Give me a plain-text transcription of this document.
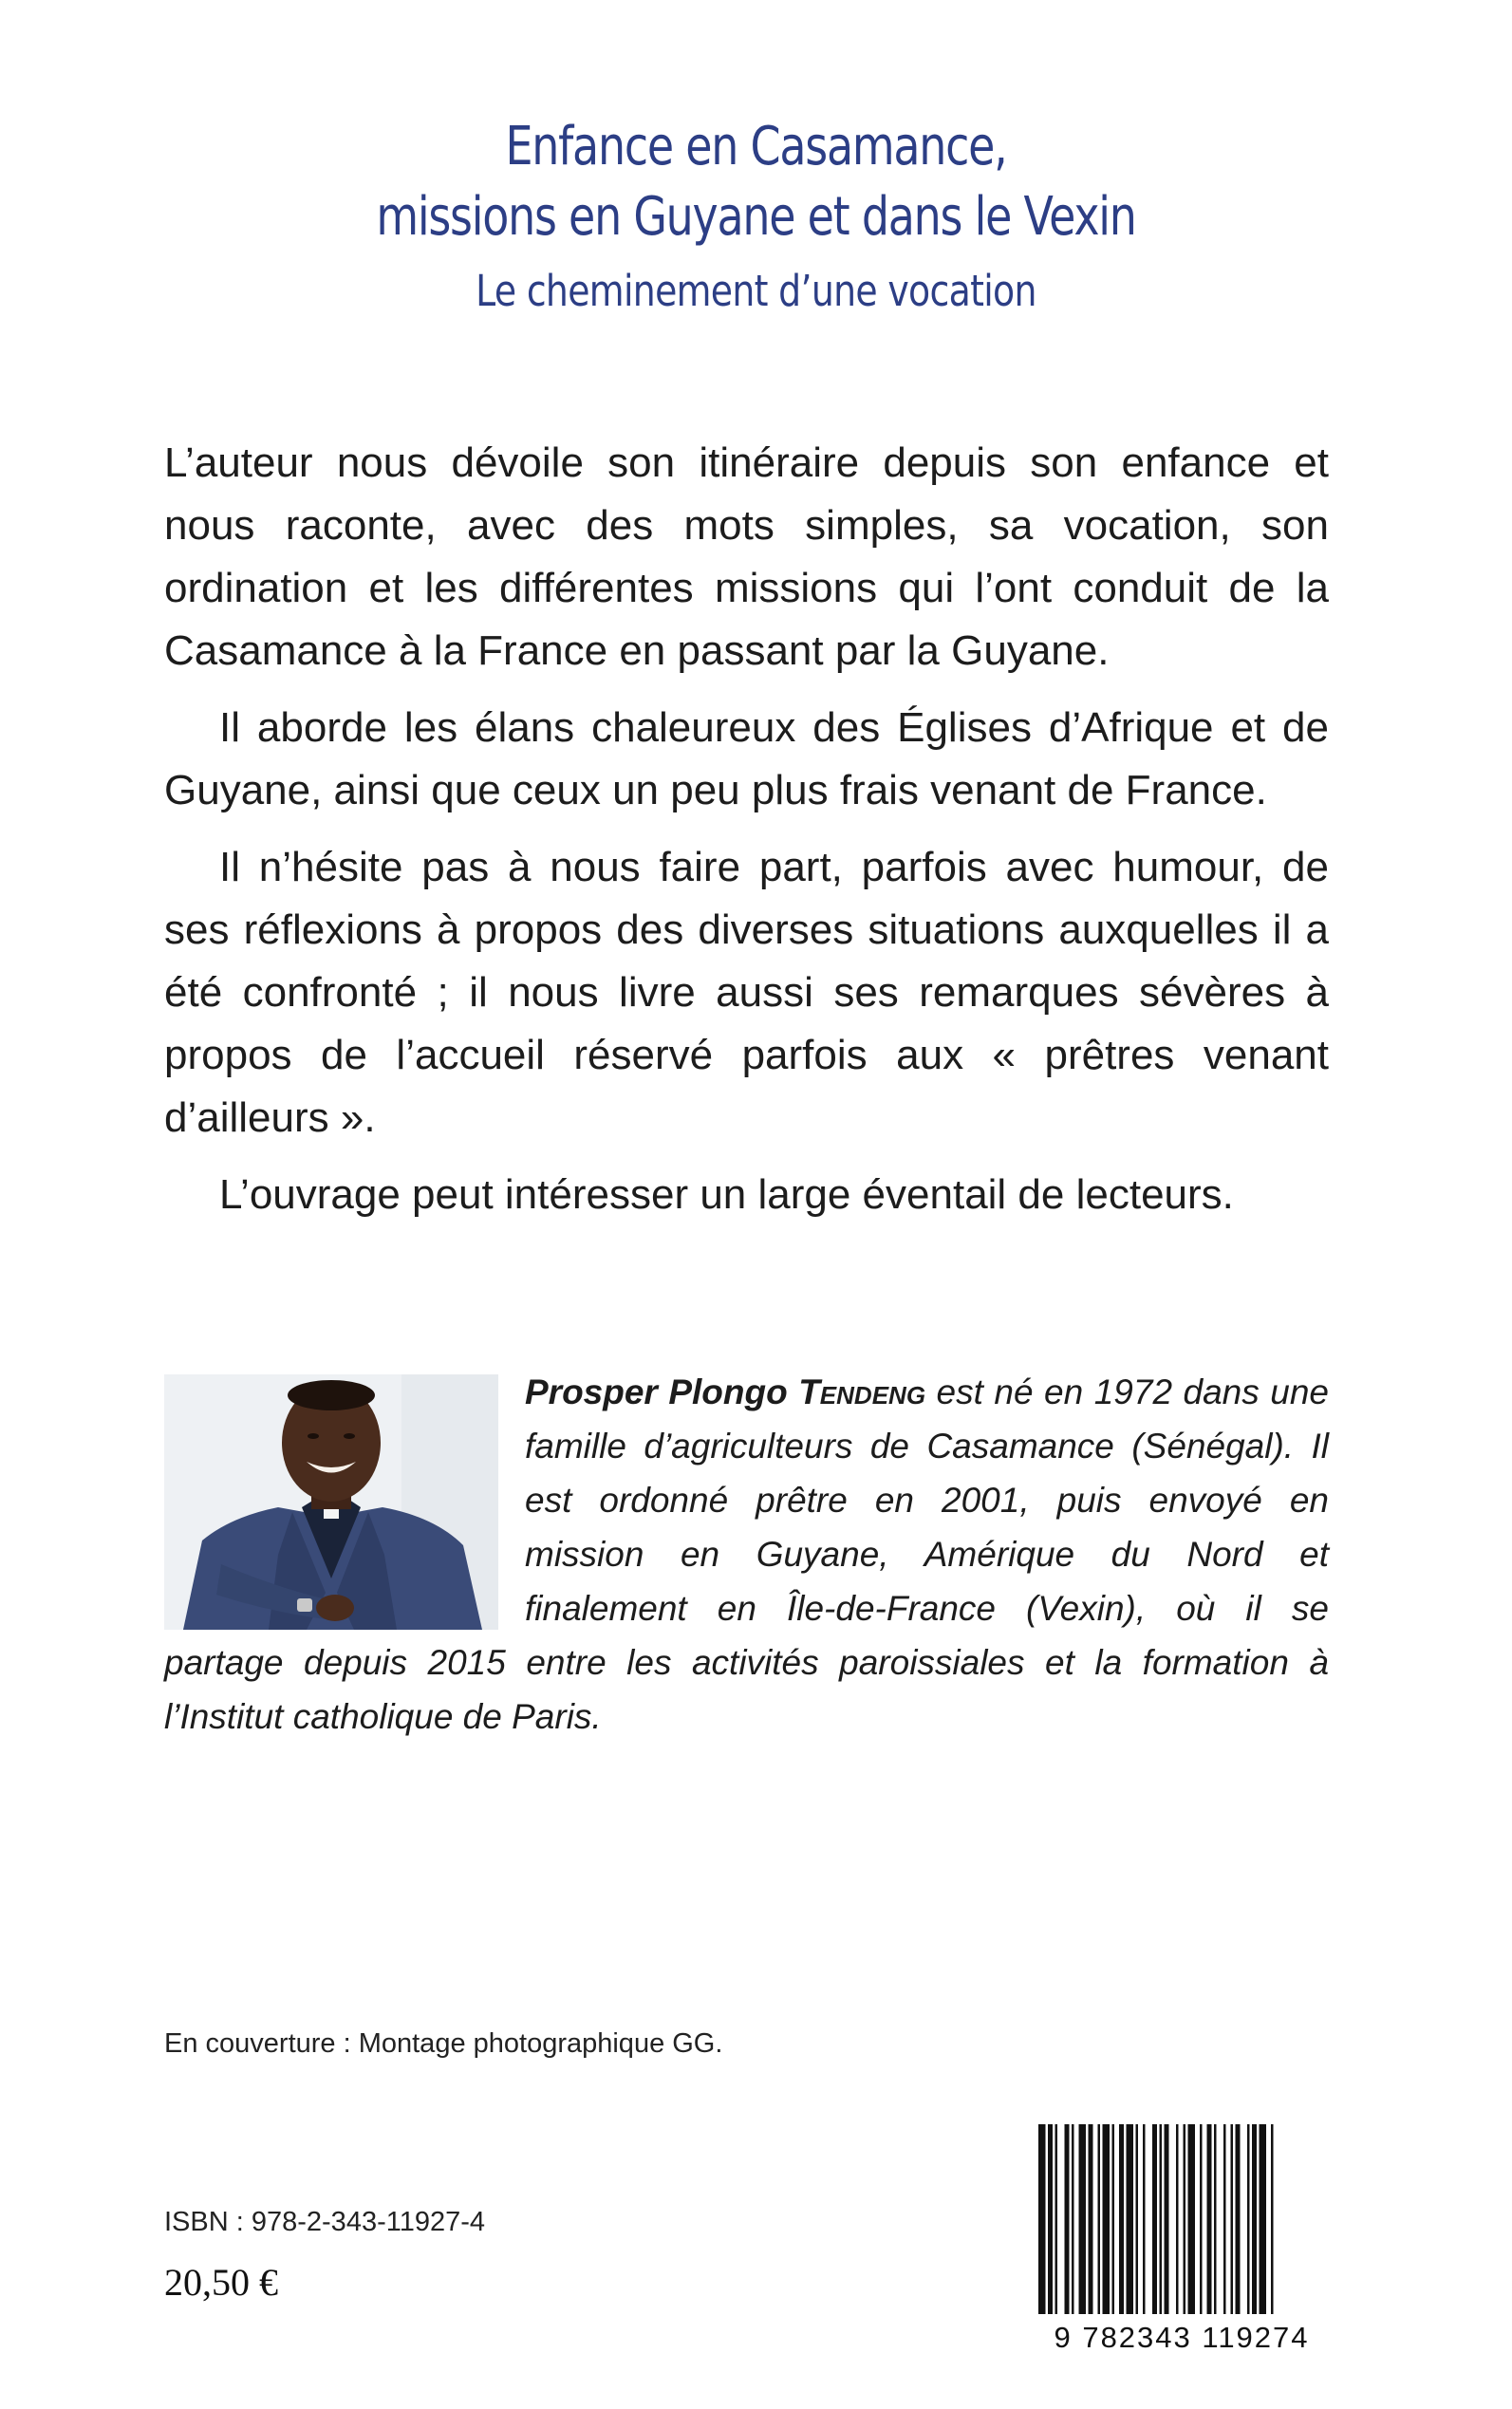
Enfance en Casamance,
missions en Guyane et dans le Vexin
Le cheminement d’une vocation

L’auteur nous dévoile son itinéraire depuis son enfance et nous raconte, avec des mots simples, sa vocation, son ordination et les différentes missions qui l’ont conduit de la Casamance à la France en passant par la Guyane.

Il aborde les élans chaleureux des Églises d’Afrique et de Guyane, ainsi que ceux un peu plus frais venant de France.

Il n’hésite pas à nous faire part, parfois avec humour, de ses réflexions à propos des diverses situations auxquelles il a été confronté ; il nous livre aussi ses remarques sévères à propos de l’accueil réservé parfois aux « prêtres venant d’ailleurs ».

L’ouvrage peut intéresser un large éventail de lecteurs.

Prosper Plongo Tendeng est né en 1972 dans une famille d’agriculteurs de Casamance (Sénégal). Il est ordonné prêtre en 2001, puis envoyé en mission en Guyane, Amérique du Nord et finalement en Île-de-France (Vexin), où il se partage depuis 2015 entre les activités paroissiales et la formation à l’Institut catholique de Paris.
En couverture : Montage photographique GG.
ISBN : 978-2-343-11927-4
20,50 €
9 782343 119274
